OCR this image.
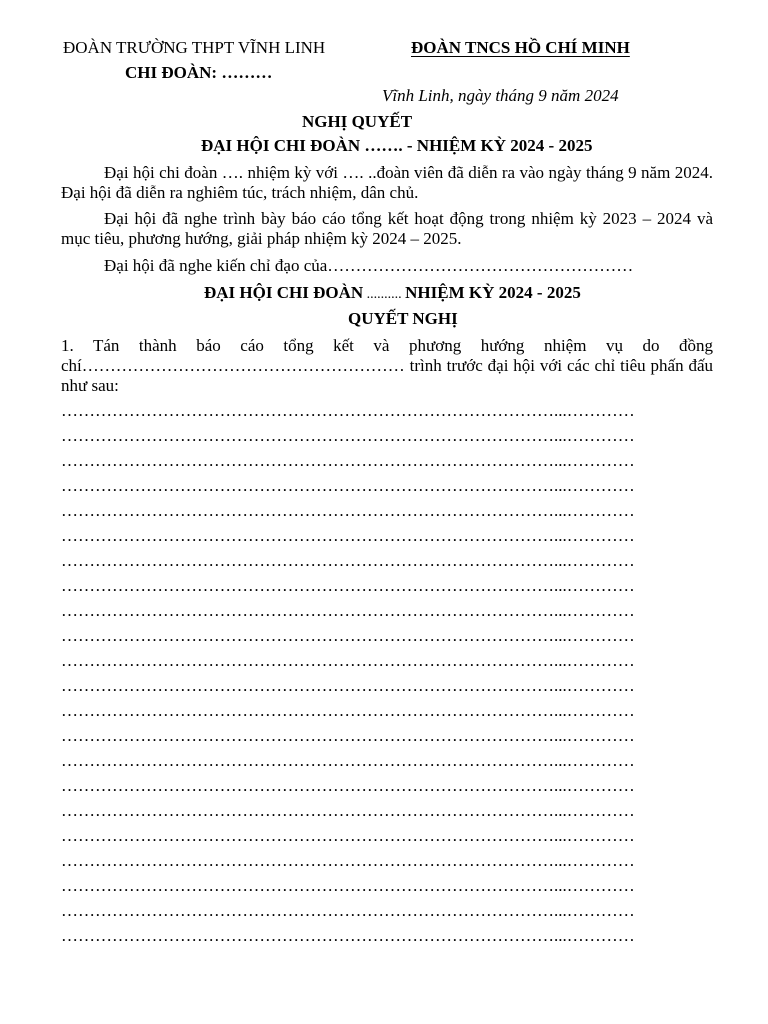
ĐOÀN TRƯỜNG THPT VĨNH LINH	ĐOÀN TNCS HỒ CHÍ MINH
CHI ĐOÀN: ………
Vĩnh Linh, ngày tháng 9 năm 2024
NGHỊ QUYẾT
ĐẠI HỘI CHI ĐOÀN ……. - NHIỆM KỲ 2024 - 2025
Đại hội chi đoàn …. nhiệm kỳ với …. ..đoàn viên đã diễn ra vào ngày tháng 9 năm 2024. Đại hội đã diễn ra nghiêm túc, trách nhiệm, dân chủ.
Đại hội đã nghe trình bày báo cáo tổng kết hoạt động trong nhiệm kỳ 2023 – 2024 và mục tiêu, phương hướng, giải pháp nhiệm kỳ 2024 – 2025.
Đại hội đã nghe kiến chỉ đạo của………………………………………………
ĐẠI HỘI CHI ĐOÀN .......... NHIỆM KỲ 2024 - 2025
QUYẾT NGHỊ
1. Tán thành báo cáo tổng kết và phương hướng nhiệm vụ do đồng chí………………………………………………… trình trước đại hội với các chỉ tiêu phấn đấu như sau:
……………………………………………………………………………...…………
……………………………………………………………………………...…………
……………………………………………………………………………...…………
……………………………………………………………………………...…………
……………………………………………………………………………...…………
……………………………………………………………………………...…………
……………………………………………………………………………...…………
……………………………………………………………………………...…………
……………………………………………………………………………...…………
……………………………………………………………………………...…………
……………………………………………………………………………...…………
……………………………………………………………………………...…………
……………………………………………………………………………...…………
……………………………………………………………………………...…………
……………………………………………………………………………...…………
……………………………………………………………………………...…………
……………………………………………………………………………...…………
……………………………………………………………………………...…………
……………………………………………………………………………...…………
……………………………………………………………………………...…………
……………………………………………………………………………...…………
……………………………………………………………………………...…………
